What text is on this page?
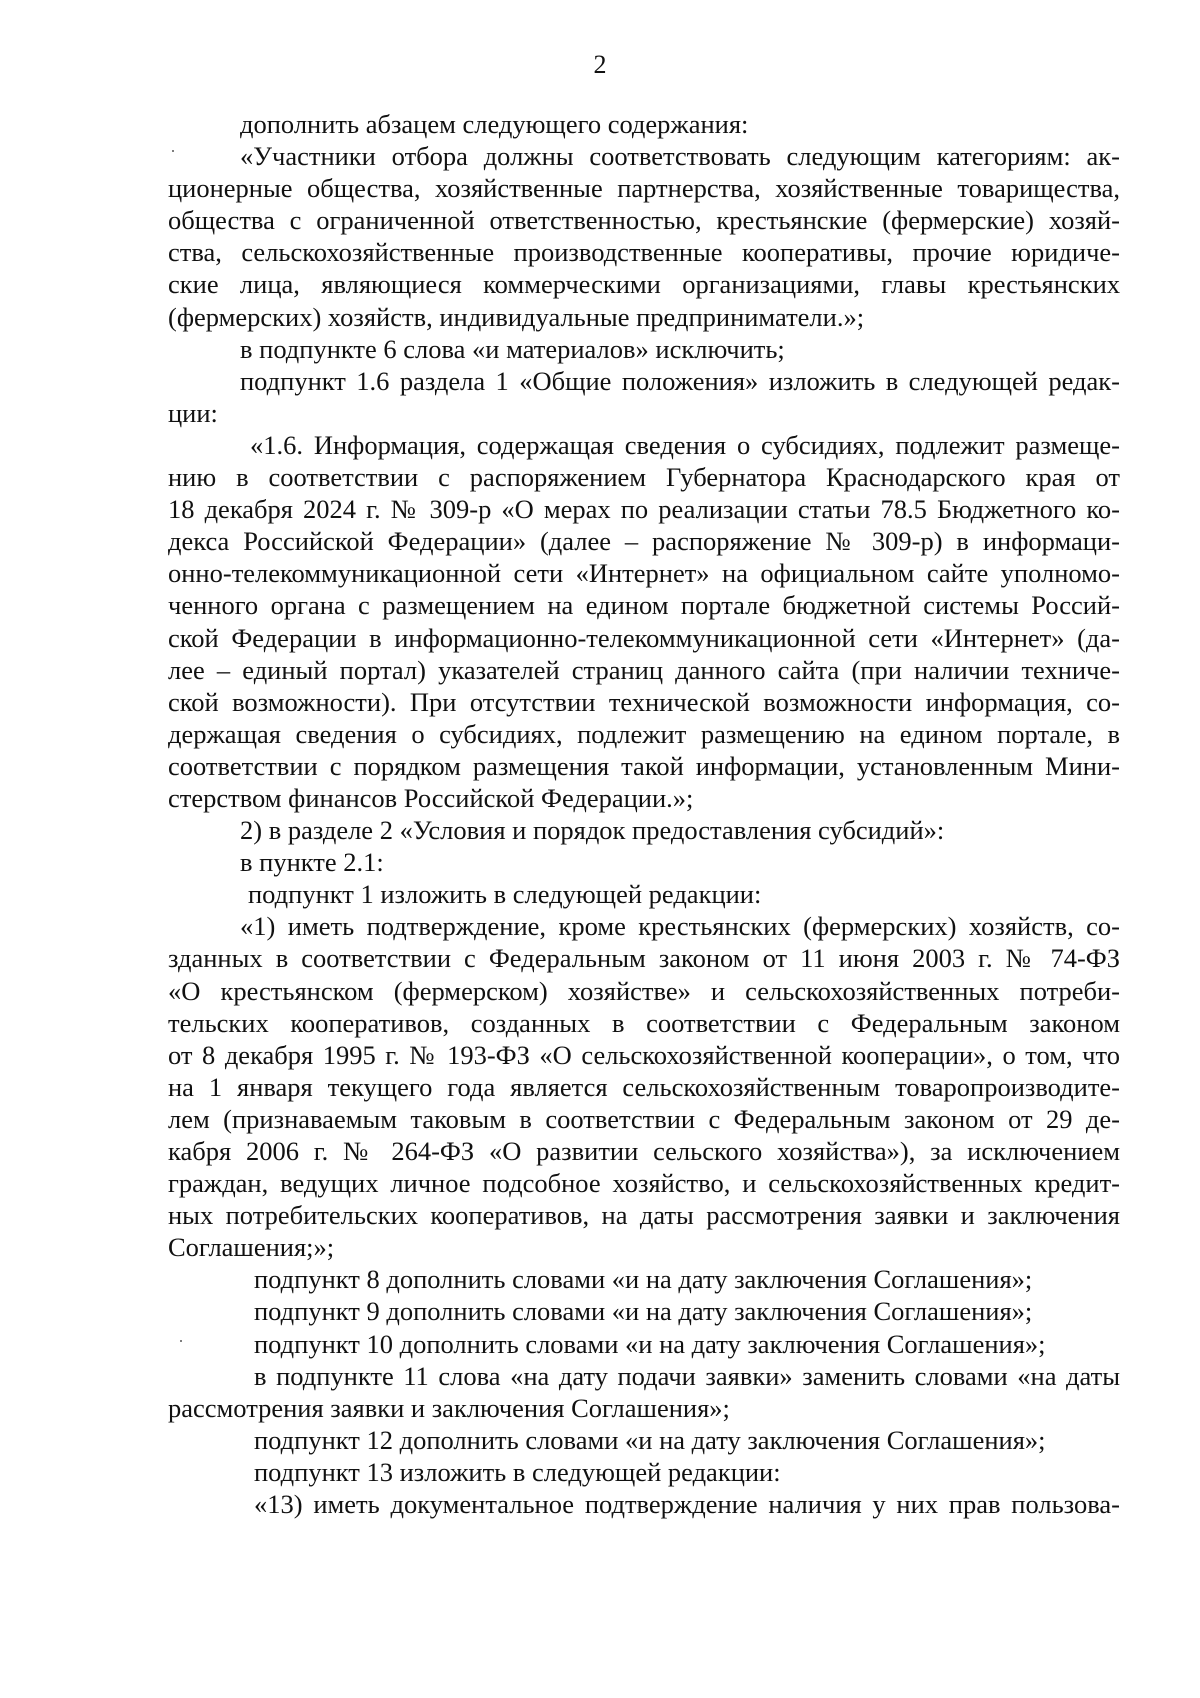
2
дополнить абзацем следующего содержания:
«Участники отбора должны соответствовать следующим категориям: ак-
ционерные общества, хозяйственные партнерства, хозяйственные товарищества,
общества с ограниченной ответственностью, крестьянские (фермерские) хозяй-
ства, сельскохозяйственные производственные кооперативы, прочие юридиче-
ские лица, являющиеся коммерческими организациями, главы крестьянских
(фермерских) хозяйств, индивидуальные предприниматели.»;
в подпункте 6 слова «и материалов» исключить;
подпункт 1.6 раздела 1 «Общие положения» изложить в следующей редак-
ции:
«1.6. Информация, содержащая сведения о субсидиях, подлежит размеще-
нию в соответствии с распоряжением Губернатора Краснодарского края от
18 декабря 2024 г. № 309-р «О мерах по реализации статьи 78.5 Бюджетного ко-
декса Российской Федерации» (далее – распоряжение № 309-р) в информаци-
онно-телекоммуникационной сети «Интернет» на официальном сайте уполномо-
ченного органа с размещением на едином портале бюджетной системы Россий-
ской Федерации в информационно-телекоммуникационной сети «Интернет» (да-
лее – единый портал) указателей страниц данного сайта (при наличии техниче-
ской возможности). При отсутствии технической возможности информация, со-
держащая сведения о субсидиях, подлежит размещению на едином портале, в
соответствии с порядком размещения такой информации, установленным Мини-
стерством финансов Российской Федерации.»;
2) в разделе 2 «Условия и порядок предоставления субсидий»:
в пункте 2.1:
подпункт 1 изложить в следующей редакции:
«1) иметь подтверждение, кроме крестьянских (фермерских) хозяйств, со-
зданных в соответствии с Федеральным законом от 11 июня 2003 г. № 74-ФЗ
«О крестьянском (фермерском) хозяйстве» и сельскохозяйственных потреби-
тельских кооперативов, созданных в соответствии с Федеральным законом
от 8 декабря 1995 г. № 193-ФЗ «О сельскохозяйственной кооперации», о том, что
на 1 января текущего года является сельскохозяйственным товаропроизводите-
лем (признаваемым таковым в соответствии с Федеральным законом от 29 де-
кабря 2006 г. № 264-ФЗ «О развитии сельского хозяйства»), за исключением
граждан, ведущих личное подсобное хозяйство, и сельскохозяйственных кредит-
ных потребительских кооперативов, на даты рассмотрения заявки и заключения
Соглашения;»;
подпункт 8 дополнить словами «и на дату заключения Соглашения»;
подпункт 9 дополнить словами «и на дату заключения Соглашения»;
подпункт 10 дополнить словами «и на дату заключения Соглашения»;
в подпункте 11 слова «на дату подачи заявки» заменить словами «на даты
рассмотрения заявки и заключения Соглашения»;
подпункт 12 дополнить словами «и на дату заключения Соглашения»;
подпункт 13 изложить в следующей редакции:
«13) иметь документальное подтверждение наличия у них прав пользова-
